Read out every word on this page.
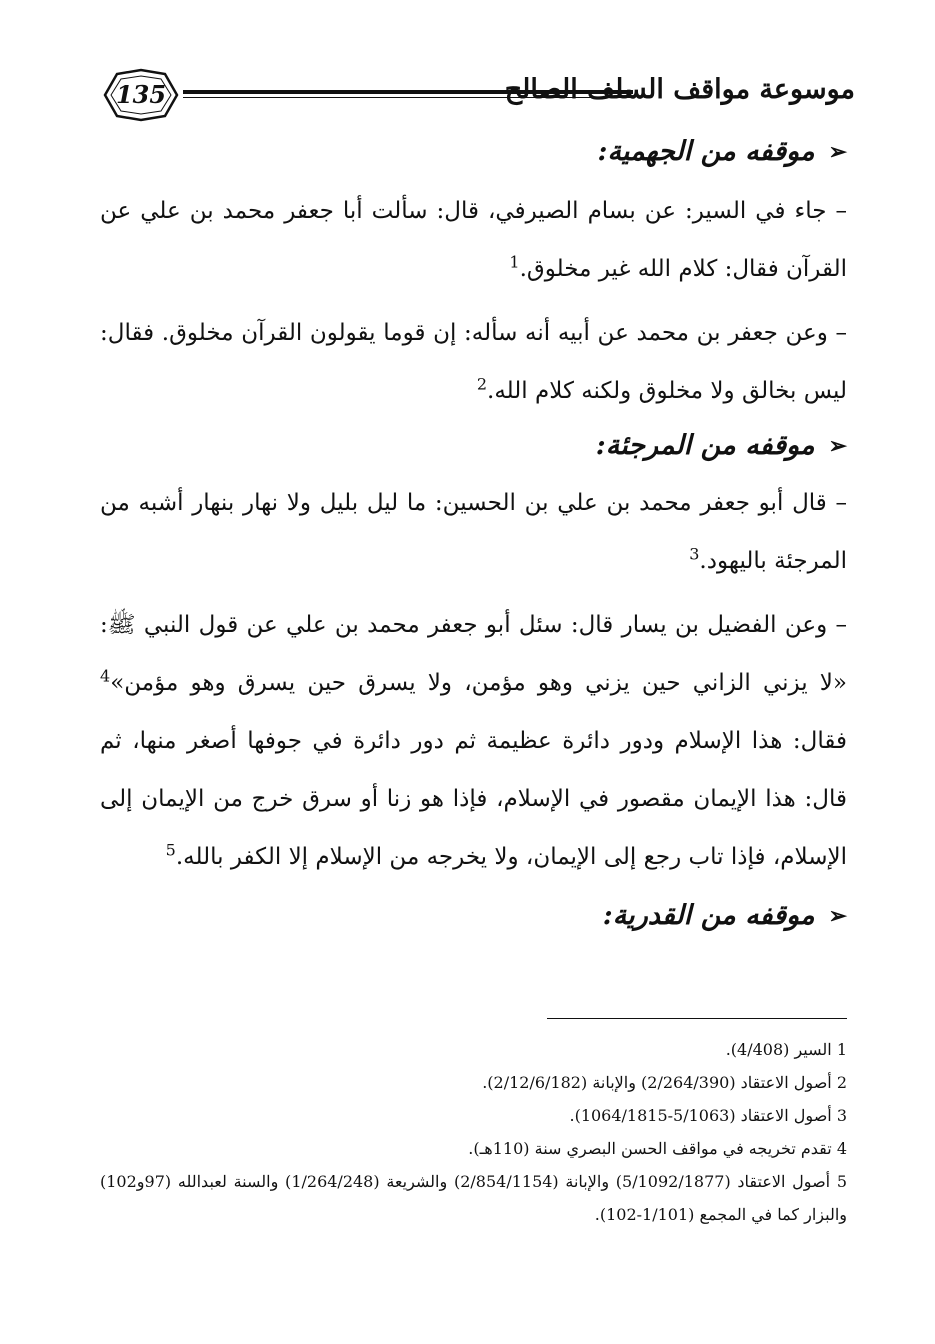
135	موسوعة مواقف السلف الصالح
➢
موقفه من الجهمية:

– جاء في السير: عن بسام الصيرفي، قال: سألت أبا جعفر محمد بن علي عن القرآن فقال: كلام الله غير مخلوق.$^1$

– وعن جعفر بن محمد عن أبيه أنه سأله: إن قوما يقولون القرآن مخلوق. فقال: ليس بخالق ولا مخلوق ولكنه كلام الله.$^2$

➢
موقفه من المرجئة:

– قال أبو جعفر محمد بن علي بن الحسين: ما ليل بليل ولا نهار بنهار أشبه من المرجئة باليهود.$^3$

– وعن الفضيل بن يسار قال: سئل أبو جعفر محمد بن علي عن قول النبي ﷺ: «لا يزني الزاني حين يزني وهو مؤمن، ولا يسرق حين يسرق وهو مؤمن»$^4$ فقال: هذا الإسلام ودور دائرة عظيمة ثم دور دائرة في جوفها أصغر منها، ثم قال: هذا الإيمان مقصور في الإسلام، فإذا هو زنا أو سرق خرج من الإيمان إلى الإسلام، فإذا تاب رجع إلى الإيمان، ولا يخرجه من الإسلام إلا الكفر بالله.$^5$

➢
موقفه من القدرية:

1 السير (4/408).

2 أصول الاعتقاد (2/264/390) والإبانة (2/12/6/182).

3 أصول الاعتقاد (5/1063-1064/1815).

4 تقدم تخريجه في مواقف الحسن البصري سنة (110هـ).

5 أصول الاعتقاد (5/1092/1877) والإبانة (2/854/1154) والشريعة (1/264/248) والسنة لعبدالله (97و102) والبزار كما في المجمع (1/101-102).
